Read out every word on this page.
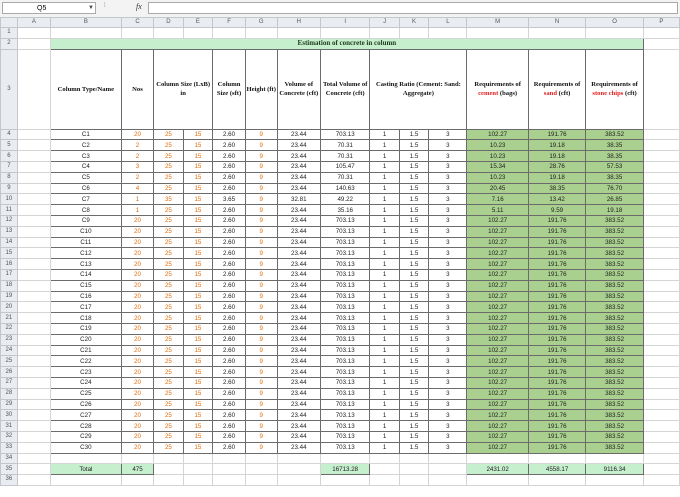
Q5	▼ ⁞	fx
	A	B	C	D	E	F	G	H	I	J	K	L	M	N	O	P
1																
2		Estimation of concrete in column														
3		Column Type/Name	Nos	Column Size (LxB) in		Column Size (sft)	Height (ft)	Volume of Concrete (cft)	Total Volume of Concrete (cft)	Casting Ratio (Cement: Sand: Aggregate)			Requirements of cement (bags)	Requirements of sand (cft)	Requirements of stone chips (cft)	
4		C1	20	25	15	2.60	9	23.44	703.13	1	1.5	3	102.27	191.76	383.52	
5		C2	2	25	15	2.60	9	23.44	70.31	1	1.5	3	10.23	19.18	38.35	
6		C3	2	25	15	2.60	9	23.44	70.31	1	1.5	3	10.23	19.18	38.35	
7		C4	3	25	15	2.60	9	23.44	105.47	1	1.5	3	15.34	28.76	57.53	
8		C5	2	25	15	2.60	9	23.44	70.31	1	1.5	3	10.23	19.18	38.35	
9		C6	4	25	15	2.60	9	23.44	140.63	1	1.5	3	20.45	38.35	76.70	
10		C7	1	35	15	3.65	9	32.81	49.22	1	1.5	3	7.16	13.42	26.85	
11		C8	1	25	15	2.60	9	23.44	35.16	1	1.5	3	5.11	9.59	19.18	
12		C9	20	25	15	2.60	9	23.44	703.13	1	1.5	3	102.27	191.76	383.52	
13		C10	20	25	15	2.60	9	23.44	703.13	1	1.5	3	102.27	191.76	383.52	
14		C11	20	25	15	2.60	9	23.44	703.13	1	1.5	3	102.27	191.76	383.52	
15		C12	20	25	15	2.60	9	23.44	703.13	1	1.5	3	102.27	191.76	383.52	
16		C13	20	25	15	2.60	9	23.44	703.13	1	1.5	3	102.27	191.76	383.52	
17		C14	20	25	15	2.60	9	23.44	703.13	1	1.5	3	102.27	191.76	383.52	
18		C15	20	25	15	2.60	9	23.44	703.13	1	1.5	3	102.27	191.76	383.52	
19		C16	20	25	15	2.60	9	23.44	703.13	1	1.5	3	102.27	191.76	383.52	
20		C17	20	25	15	2.60	9	23.44	703.13	1	1.5	3	102.27	191.76	383.52	
21		C18	20	25	15	2.60	9	23.44	703.13	1	1.5	3	102.27	191.76	383.52	
22		C19	20	25	15	2.60	9	23.44	703.13	1	1.5	3	102.27	191.76	383.52	
23		C20	20	25	15	2.60	9	23.44	703.13	1	1.5	3	102.27	191.76	383.52	
24		C21	20	25	15	2.60	9	23.44	703.13	1	1.5	3	102.27	191.76	383.52	
25		C22	20	25	15	2.60	9	23.44	703.13	1	1.5	3	102.27	191.76	383.52	
26		C23	20	25	15	2.60	9	23.44	703.13	1	1.5	3	102.27	191.76	383.52	
27		C24	20	25	15	2.60	9	23.44	703.13	1	1.5	3	102.27	191.76	383.52	
28		C25	20	25	15	2.60	9	23.44	703.13	1	1.5	3	102.27	191.76	383.52	
29		C26	20	25	15	2.60	9	23.44	703.13	1	1.5	3	102.27	191.76	383.52	
30		C27	20	25	15	2.60	9	23.44	703.13	1	1.5	3	102.27	191.76	383.52	
31		C28	20	25	15	2.60	9	23.44	703.13	1	1.5	3	102.27	191.76	383.52	
32		C29	20	25	15	2.60	9	23.44	703.13	1	1.5	3	102.27	191.76	383.52	
33		C30	20	25	15	2.60	9	23.44	703.13	1	1.5	3	102.27	191.76	383.52	
34																
35		Total	475						16713.28				2431.02	4558.17	9116.34	
36																
